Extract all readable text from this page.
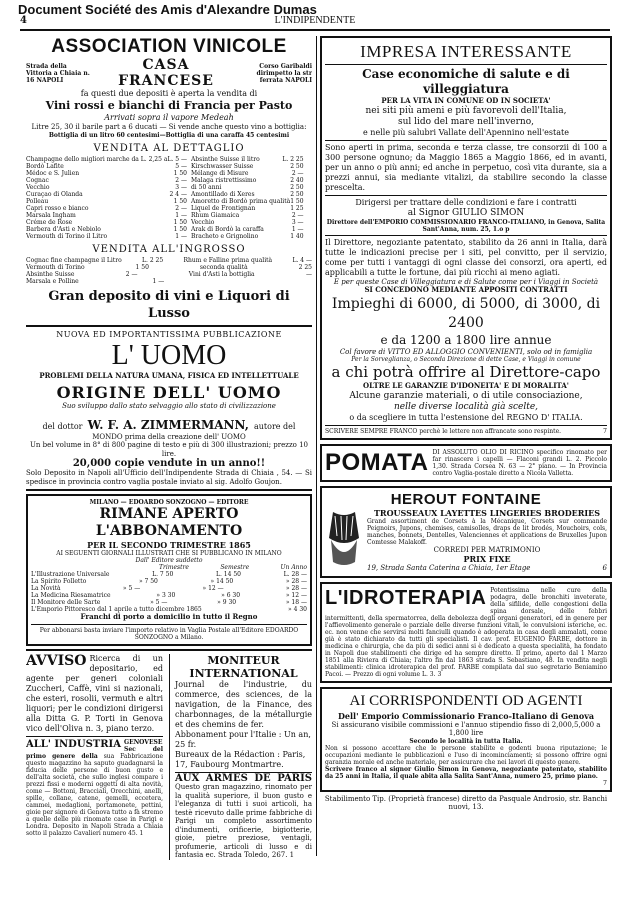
Document Société des Amis d'Alexandre Dumas
4	L'INDIPENDENTE
ASSOCIATION VINICOLE
Strada della Vittoria a Chiaia n. 16 NAPOLI
CASA FRANCESE
Corso Garibaldi dirimpetto la str ferrata NAPOLI
fa questi due depositi è aperta la vendita di
Vini rossi e bianchi di Francia per Pasto
Arrivati sopra il vapore Medeah
Litre 25, 30 il barile part a 6 ducati — Si vende anche questo vino a bottiglia:
Bottiglia di un litro 60 centesimi—Bottiglia di una caraffa 45 centesimi
VENDITA AL DETTAGLIO
Champagne dello migliori marche da L. 2,25 a L. 5 —
Bordò Lafite	5 —
Médoc e S. Julien	1 50
Cognac	2 —
Vecchio	3 —
Curaçao di Olanda	2 4 —
Polleau	1 50
Capri rosso e bianco	2 —
Marsala Ingham	1 —
Créme de Rose	1 50
Barbera d'Asti e Nebiolo	1 50
Vermouth di Torino il Litro	1 —
Absinthe Suisse il litro	L. 2 25
Kirschwasser Suisse	2 50
Mélange di Misure	2 —
Malaga ristrettissimo	2 40
di 50 anni	2 50
Amontillado di Xeres	2 50
Amoretto di Bordò prima qualità 1 50
Liquel de Frontignan	1 25
Rhum Giamaica	2 —
Vecchio	3 —
Arak di Bordò la caraffa	1 —
Bracheto e Grignolino	1 40
VENDITA ALL'INGROSSO
Cognac fine champagne il Litro	L. 2 25	Rhum e Falline prima qualità	L. 4 —
Vermouth di Torino	1 50	seconda qualità	2 25
Absinthe Suisse	2 —	Vini d'Asti la bottiglia	—
Marsala e Polline	1 —
Gran deposito di vini e Liquori di Lusso
NUOVA ED IMPORTANTISSIMA PUBBLICAZIONE
L' UOMO
PROBLEMI DELLA NATURA UMANA, FISICA ED INTELLETTUALE
ORIGINE DELL' UOMO
Suo sviluppo dallo stato selvaggio allo stato di civilizzazione
del dottor W. F. A. ZIMMERMANN, autore del
MONDO prima della creazione dell' UOMO
Un bel volume in 8° di 800 pagine di testo e più di 300 illustrazioni; prezzo 10 lire.
20,000 copie vendute in un anno!!
Solo Deposito in Napoli all'Ufficio dell'Indipendente Strada di Chiaia , 54. — Si spedisce in provincia contro vaglia postale inviato al sig. Adolfo Goujon.
MILANO — EDOARDO SONZOGNO — EDITORE
RIMANE APERTO L'ABBONAMENTO
PER IL SECONDO TRIMESTRE 1865
AI SEGUENTI GIORNALI ILLUSTRATI CHE SI PUBBLICANO IN MILANO
Dall' Editore suddetto
Trimestre	Semestre	Un Anno
L'Illustrazione Universale	L. 7 50	L. 14 50	L. 28 —
La Spirito Folletto	» 7 50	» 14 50	» 28 —
La Novità	» 5 —	» 12 —	» 28 —
La Medicina Riesamatrice	» 3 30	» 6 30	» 12 —
Il Monitore delle Sarte	» 5 —	» 9 30	» 18 —
L'Emporio Pittoresco dal 1 aprile a tutto dicembre 1865	» 4 30
Franchi di porto a domicilio in tutto il Regno
Per abbonarsi basta inviare l'importo relativo in Vaglia Postale all'Editore EDOARDO SONZOGNO a Milano.
AVVISO Ricerca di un depositario, ed agente per generi coloniali Zuccheri, Caffè, vini si nazionali, che esteri, rosolii, vermuth e altri liquori; per le condizioni dirigersi alla Ditta G. P. Torti in Genova vico dell'Oliva n. 3, piano terzo.
ALL' INDUSTRIA GENOVESE Sec del primo genere della sua Fabbricazione questo magazzino ha saputo guadagnarsi la fiducia delle persone di buon gusto e dell'alta società, che sullo inglesi compare i prezzi fissi e moderni oggetti di alta novità, come — Bottoni, Bracciali, Orecchini, anelli, spille, collane, catene, gemelli, eccetera, cammei, medaglioni, portamonete, pettini, gioie per signore di Genova tutto a fà stremo a quelle delle più rinomate case in Parigi e Londra. Deposito in Napoli Strada a Chiaia sotto il palazzo Cavalieri numero 45. 1
MONITEUR INTERNATIONAL
Journal de l'industrie, du commerce, des sciences, de la navigation, de la Finance, des charbonnages, de la métallurgie et des chemins de fer.
Abbonament pour l'Italie : Un an, 25 fr.
Bureaux de la Rédaction : Paris, 17, Faubourg Montmartre.
AUX ARMES DE PARIS Questo gran magazzino, rinomato per la qualità superiore, il buon gusto e l'eleganza di tutti i suoi articoli, ha testè ricevuto dalle prime fabbriche di Parigi un completo assortimento d'indumenti, orificerie, bigiotterie, gioie, pietre preziose, ventagli, profumerie, articoli di lusso e di fantasia ec. Strada Toledo, 267. 1
IMPRESA INTERESSANTE
Case economiche di salute e di villeggiatura
PER LA VITA IN COMUNE OD IN SOCIETA'
nei siti più ameni e più favorevoli dell'Italia,
sul lido del mare nell'inverno,
e nelle più salubri Vallate dell'Apennino nell'estate
Sono aperti in prima, seconda e terza classe, tre consorzii di 100 a 300 persone ognuno; da Maggio 1865 a Maggio 1866, ed in avanti, per un anno o più anni; ed anche in perpetuo, così vita durante, sia a prezzi annui, sia mediante vitalizi, da stabilire secondo la classe prescelta.
Dirigersi per trattare delle condizioni e fare i contratti
al Signor GIULIO SIMON
Direttore dell'EMPORIO COMMISSIONARIO FRANCO-ITALIANO, in Genova, Salita Sant'Anna, num. 25, 1.o p
Il Direttore, negoziante patentato, stabilito da 26 anni in Italia, darà tutte le indicazioni precise per i siti, pel convitto, per il servizio, come per tutti i vantaggi di ogni classe dei consorzi, ora aperti, ed applicabili a tutte le fortune, dai più ricchi ai meno agiati.
E per queste Case di Villeggiatura e di Salute come per i Viaggi in Società
SI CONCEDONO MEDIANTE APPOSITI CONTRATTI
Impieghi di 6000, di 5000, di 3000, di 2400
e da 1200 a 1800 lire annue
Col favore di VITTO ED ALLOGGIO CONVENIENTI, solo od in famiglia
Per la Sorveglianza, o Seconda Direzione di dette Case, e Viaggi in comune
a chi potrà offrire al Direttore-capo
OLTRE LE GARANZIE D'IDONEITA' E DI MORALITA'
Alcune garanzie materiali, o di utile consociazione,
nelle diverse località già scelte,
o da scegliere in tutta l'estensione del REGNO D' ITALIA.
SCRIVERE SEMPRE FRANCO perchè le lettere non affrancate sono respinte.	7
POMATA DI ASSOLUTO OLIO DI RICINO specifico rinomato per far rinascere i capelli — Flaconi grandi L. 2. Piccolo 1,30. Strada Corsea N. 63 — 2° piano. — In Provincia contro Vaglia-postale diretto a Nicola Valletta.
HEROUT FONTAINE
TROUSSEAUX LAYETTES LINGERIES BRODERIES
Grand assortiment de Corsets à la Mécanique, Corsets sur commande Peignoirs, Jupons, chemises, camisolles, draps de lit brodés, Mouchoirs, cols, manches, bonnets, Dentelles, Valenciennes et applications de Bruxelles Jupon Comtesse Malakoff.
CORREDI PER MATRIMONIO
PRIX FIXE
19, Strada Santa Caterina a Chiaia, 1er Etage	6
L'IDROTERAPIA Potentissima nelle cure della podagra, delle bronchiti inveterate, della sifilide, delle congestioni della spina dorsale, delle febbri intermittenti, della spermatorrea, della debolezza degli organi generatori, ed in genere per l'affievolimento generale o parziale delle diverse funzioni vitali, le convulsioni isteriche, ec. ec. non venne che servirsi molti fanciulli quando è adoperata in casa degli ammalati, come già è stato dichiarato da tutti gli specialisti. Il cav. prof. EUGENIO FARBE, dottore in medicina e chirurgia, che da più di sedici anni si è dedicato a questa specialità, ha fondato in Napoli due stabilimenti che dirige ed ha sempre diretto. Il primo, aperto dal 1 Marzo 1851 alla Riviera di Chiaia; l'altro fin dal 1863 strada S. Sebastiano, 48. In vendita negli stabilimenti: clinica idroterapica del prof. FARBE compilata dal suo segretario Beniamino Pacoi. — Prezzo di ogni volume L. 3. 3
AI CORRISPONDENTI OD AGENTI
Dell' Emporio Commissionario Franco-Italiano di Genova
Si assicurano visibile commissioni e l'annuo stipendio fisso di 2,000,5,000 a 1,800 lire
Secondo le località in tutta Italia.
Non si possono accettare che le persone stabilite e godenti buona riputazione; le occupazioni mediante le pubblicazioni e l'uso di incominciamenti; si possono offrire ogni garanzia morale ed anche materiale, per assicurare che nei lavori di questo genere.
Scrivere franco al signor Giulio Simon in Genova, negoziante patentato, stabilito da 25 anni in Italia, il quale abita alla Salita Sant'Anna, numero 25, primo piano.
7
Stabilimento Tip. (Proprietà francese) diretto da Pasquale Androsio, str. Banchi nuovi, 13.
